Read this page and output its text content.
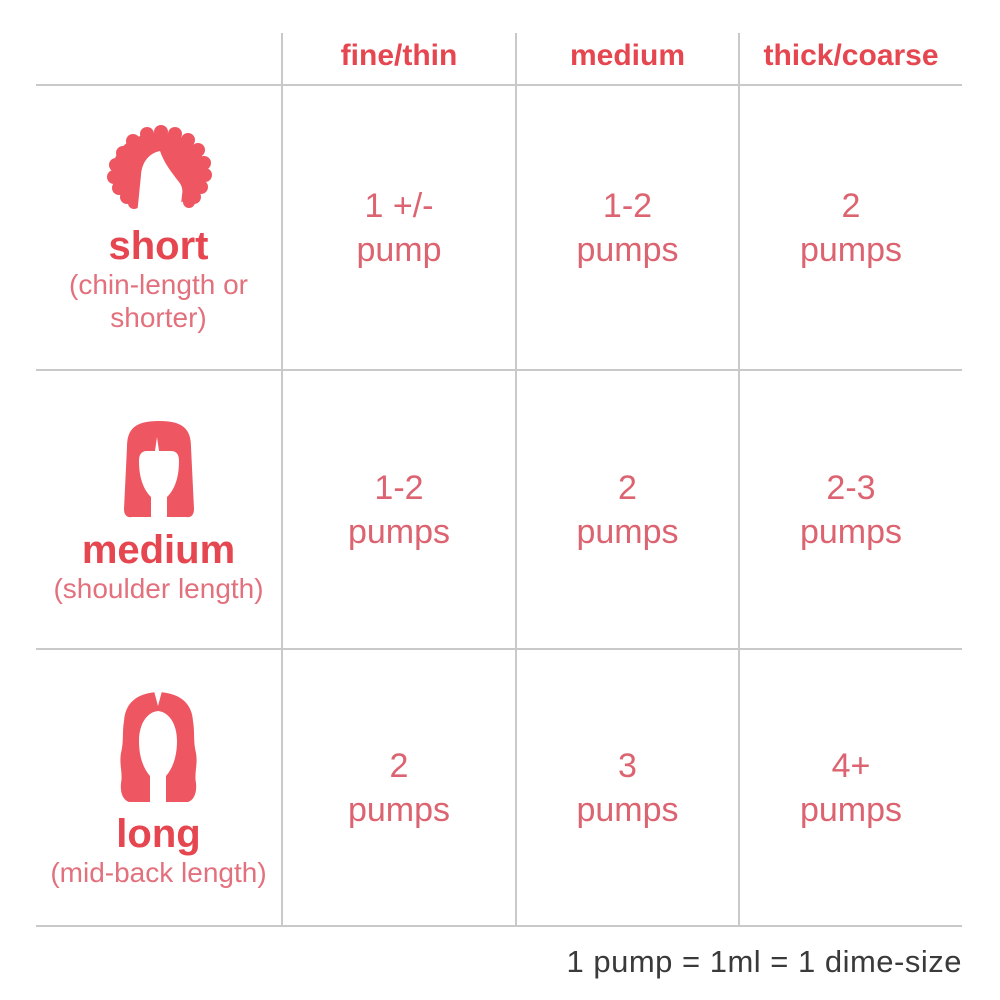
fine/thin	medium	thick/coarse
short
(chin-length or shorter)
1 +/-
pump
1-2
pumps
2
pumps
medium
(shoulder length)
1-2
pumps
2
pumps
2-3
pumps
long
(mid-back length)
2
pumps
3
pumps
4+
pumps
1 pump = 1ml = 1 dime-size
